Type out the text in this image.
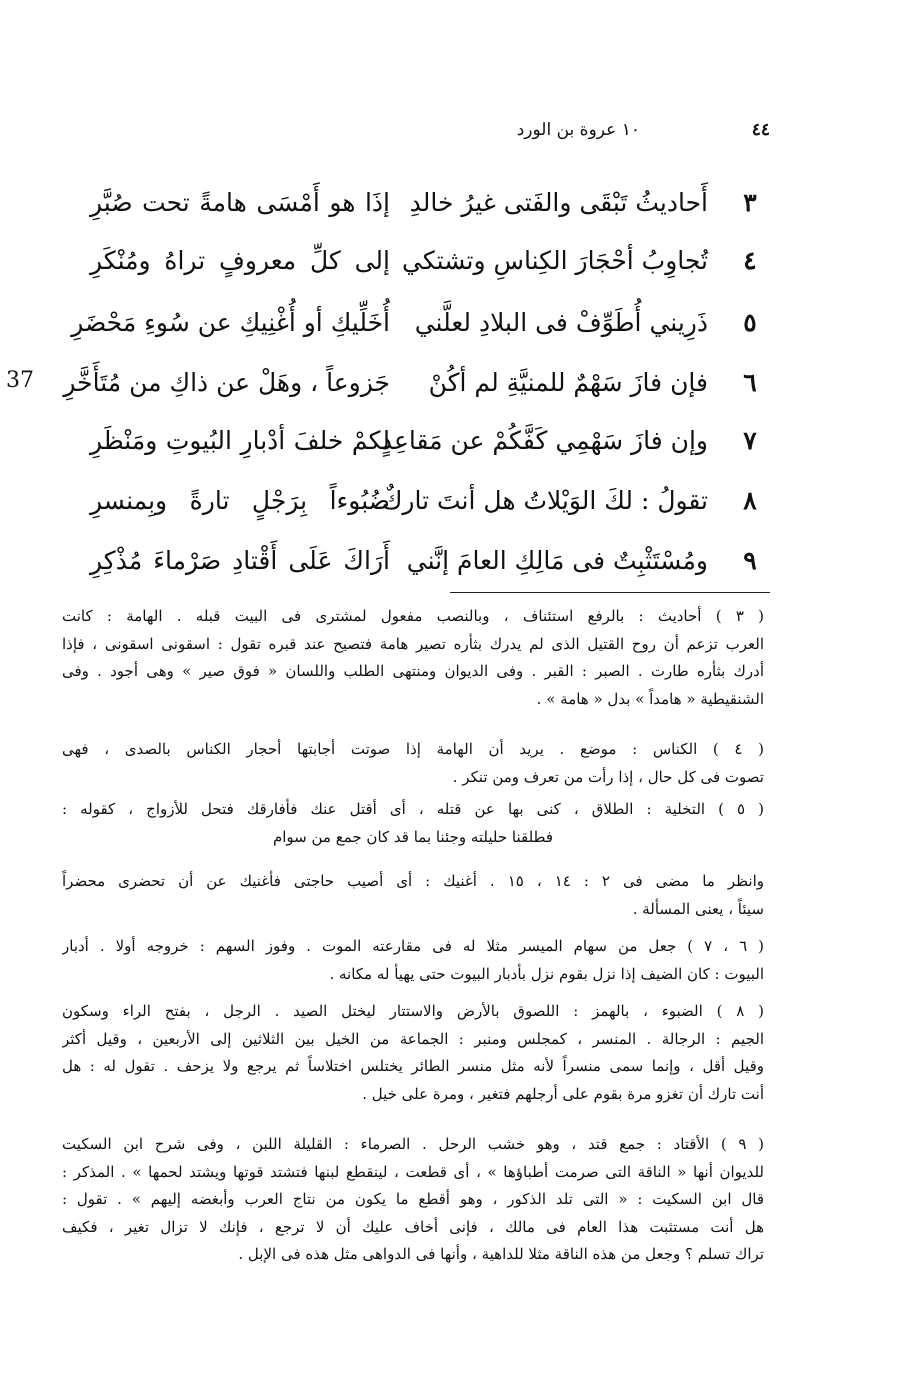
٤٤
١٠ عروة بن الورد
37
٣
أَحاديثُ تَبْقَى والفَتى غيرُ خالدِ
إذَا هو أَمْسَى هامةً تحت صُبَّرِ
٤
تُجاوِبُ أحْجَارَ الكِناسِ وتشتكي
إلى كلِّ معروفٍ تراهُ ومُنْكَرِ
٥
ذَرِيني أُطَوِّفْ فى البلادِ لعلَّني
أُخَلِّيكِ أو أُغْنِيكِ عن سُوءِ مَحْضَرِ
٦
فإن فازَ سَهْمٌ للمنيَّةِ لم أكُنْ
جَزوعاً ، وهَلْ عن ذاكِ من مُتَأَخَّرِ
٧
وإن فازَ سَهْمِي كَفَّكُمْ عن مَقاعِدٍ
لكمْ خلفَ أدْبارِ البُيوتِ ومَنْظَرِ
٨
تقولُ : لكَ الوَيْلاتُ هل أنتَ تاركٌ
ضُبُوءاً بِرَجْلٍ تارةً وبِمنسرِ
٩
ومُسْتَثْبِتٌ فى مَالِكِ العامَ إنَّني
أَرَاكَ عَلَى أَقْتادِ صَرْماءَ مُذْكِرِ
( ٣ ) أحاديث : بالرفع استئناف ، وبالنصب مفعول لمشترى فى البيت قبله . الهامة : كانت
العرب تزعم أن روح القتيل الذى لم يدرك بثأره تصير هامة فتصيح عند قبره تقول : اسقونى اسقونى ، فإذا
أدرك بثأره طارت . الصبر : القبر . وفى الديوان ومنتهى الطلب واللسان « فوق صير » وهى أجود . وفى
الشنقيطية « هامداً » بدل « هامة » .
( ٤ ) الكناس : موضع . يريد أن الهامة إذا صوتت أجابتها أحجار الكناس بالصدى ، فهى
تصوت فى كل حال ، إذا رأت من تعرف ومن تنكر .
( ٥ ) التخلية : الطلاق ، كنى بها عن قتله ، أى أقتل عنك فأفارقك فتحل للأزواج ، كقوله :
فطلقنا حليلته وجئنا بما قد كان جمع من سوام
وانظر ما مضى فى ٢ : ١٤ ، ١٥ . أغنيك : أى أصيب حاجتى فأغنيك عن أن تحضرى محضراً
سيئاً ، يعنى المسألة .
( ٦ ، ٧ ) جعل من سهام الميسر مثلا له فى مقارعته الموت . وفوز السهم : خروجه أولا . أدبار
البيوت : كان الضيف إذا نزل بقوم نزل بأدبار البيوت حتى يهيأ له مكانه .
( ٨ ) الضبوء ، بالهمز : اللصوق بالأرض والاستتار ليختل الصيد . الرجل ، بفتح الراء وسكون
الجيم : الرجالة . المنسر ، كمجلس ومنبر : الجماعة من الخيل بين الثلاثين إلى الأربعين ، وقيل أكثر
وقيل أقل ، وإنما سمى منسراً لأنه مثل منسر الطائر يختلس اختلاساً ثم يرجع ولا يزحف . تقول له : هل
أنت تارك أن تغزو مرة بقوم على أرجلهم فتغير ، ومرة على خيل .
( ٩ ) الأقتاد : جمع قتد ، وهو خشب الرحل . الصرماء : القليلة اللبن ، وفى شرح ابن السكيت
للديوان أنها « الناقة التى صرمت أطباؤها » ، أى قطعت ، لينقطع لبنها فتشتد قوتها ويشتد لحمها » . المذكر :
قال ابن السكيت : « التى تلد الذكور ، وهو أقطع ما يكون من نتاج العرب وأبغضه إليهم » . تقول :
هل أنت مستثبت هذا العام فى مالك ، فإنى أخاف عليك أن لا ترجع ، فإنك لا تزال تغير ، فكيف
تراك تسلم ؟ وجعل من هذه الناقة مثلا للداهية ، وأنها فى الدواهى مثل هذه فى الإبل .
